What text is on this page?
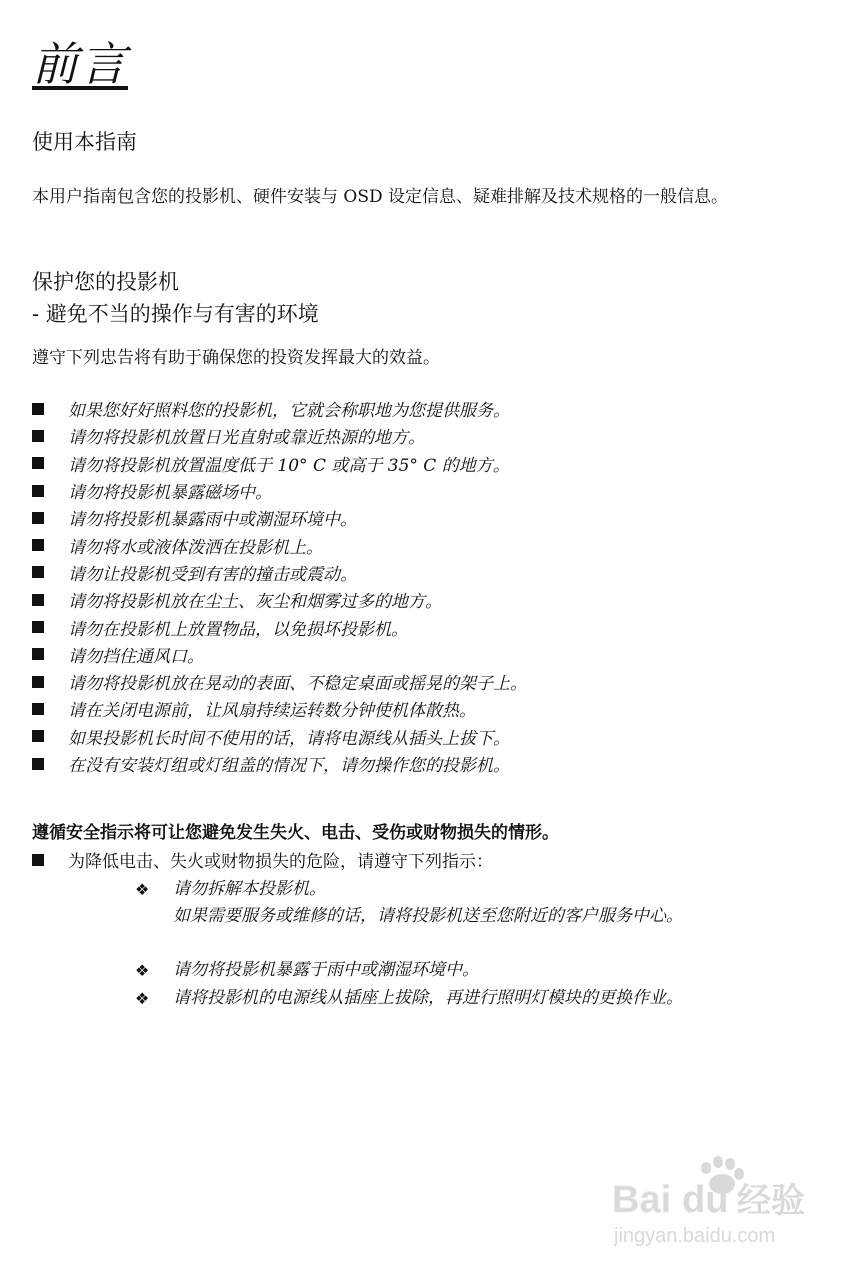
前言
使用本指南

本用户指南包含您的投影机、硬件安装与 OSD 设定信息、疑难排解及技术规格的一般信息。

保护您的投影机
- 避免不当的操作与有害的环境

遵守下列忠告将有助于确保您的投资发挥最大的效益。

如果您好好照料您的投影机，它就会称职地为您提供服务。
请勿将投影机放置日光直射或靠近热源的地方。
请勿将投影机放置温度低于 10° C 或高于 35° C 的地方。
请勿将投影机暴露磁场中。
请勿将投影机暴露雨中或潮湿环境中。
请勿将水或液体泼洒在投影机上。
请勿让投影机受到有害的撞击或震动。
请勿将投影机放在尘土、灰尘和烟雾过多的地方。
请勿在投影机上放置物品，以免损坏投影机。
请勿挡住通风口。
请勿将投影机放在晃动的表面、不稳定桌面或摇晃的架子上。
请在关闭电源前，让风扇持续运转数分钟使机体散热。
如果投影机长时间不使用的话，请将电源线从插头上拔下。
在没有安装灯组或灯组盖的情况下，请勿操作您的投影机。

遵循安全指示将可让您避免发生失火、电击、受伤或财物损失的情形。

为降低电击、失火或财物损失的危险，请遵守下列指示：
❖ 请勿拆解本投影机。
如果需要服务或维修的话，请将投影机送至您附近的客户服务中心。
❖ 请勿将投影机暴露于雨中或潮湿环境中。
❖ 请将投影机的电源线从插座上拔除，再进行照明灯模块的更换作业。
Bai du 经验
jingyan.baidu.com
